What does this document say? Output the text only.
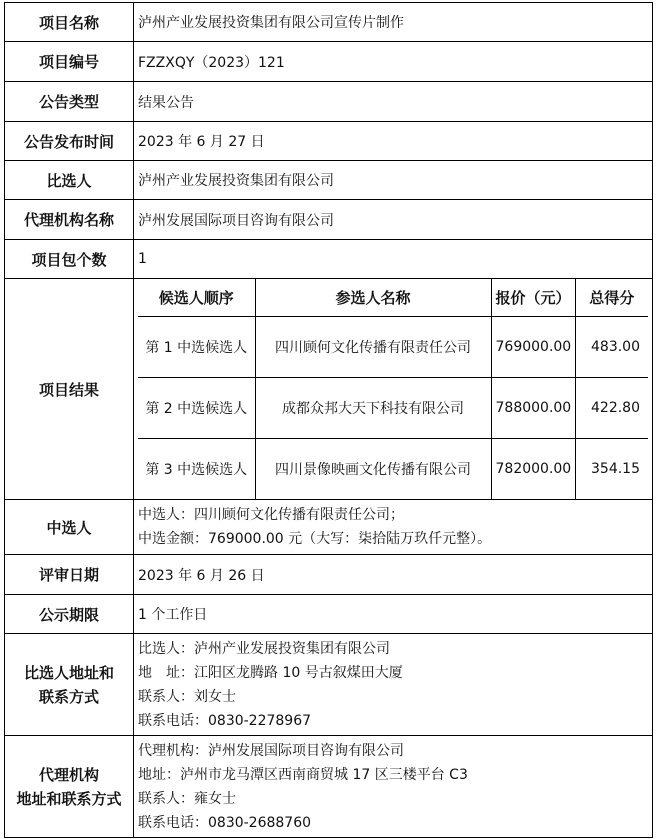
项目名称	泸州产业发展投资集团有限公司宣传片制作
项目编号	FZZXQY（2023）121
公告类型	结果公告
公告发布时间	2023 年 6 月 27 日
比选人	泸州产业发展投资集团有限公司
代理机构名称	泸州发展国际项目咨询有限公司
项目包个数	1
项目结果	
候选人顺序	参选人名称	报价（元）	总得分
第 1 中选候选人	四川顾何文化传播有限责任公司	769000.00	483.00
第 2 中选候选人	成都众邦大天下科技有限公司	788000.00	422.80
第 3 中选候选人	四川景像映画文化传播有限公司	782000.00	354.15

中选人	
中选人：四川顾何文化传播有限责任公司；
中选金额：769000.00 元（大写：柒拾陆万玖仟元整）。

评审日期	2023 年 6 月 26 日
公示期限	1 个工作日

比选人地址和
联系方式

比选人：泸州产业发展投资集团有限公司
地　址：江阳区龙腾路 10 号古叙煤田大厦
联系人：刘女士
联系电话：0830-2278967

代理机构
地址和联系方式

代理机构：泸州发展国际项目咨询有限公司
地址：泸州市龙马潭区西南商贸城 17 区三楼平台 C3
联系人：雍女士
联系电话：0830-2688760
